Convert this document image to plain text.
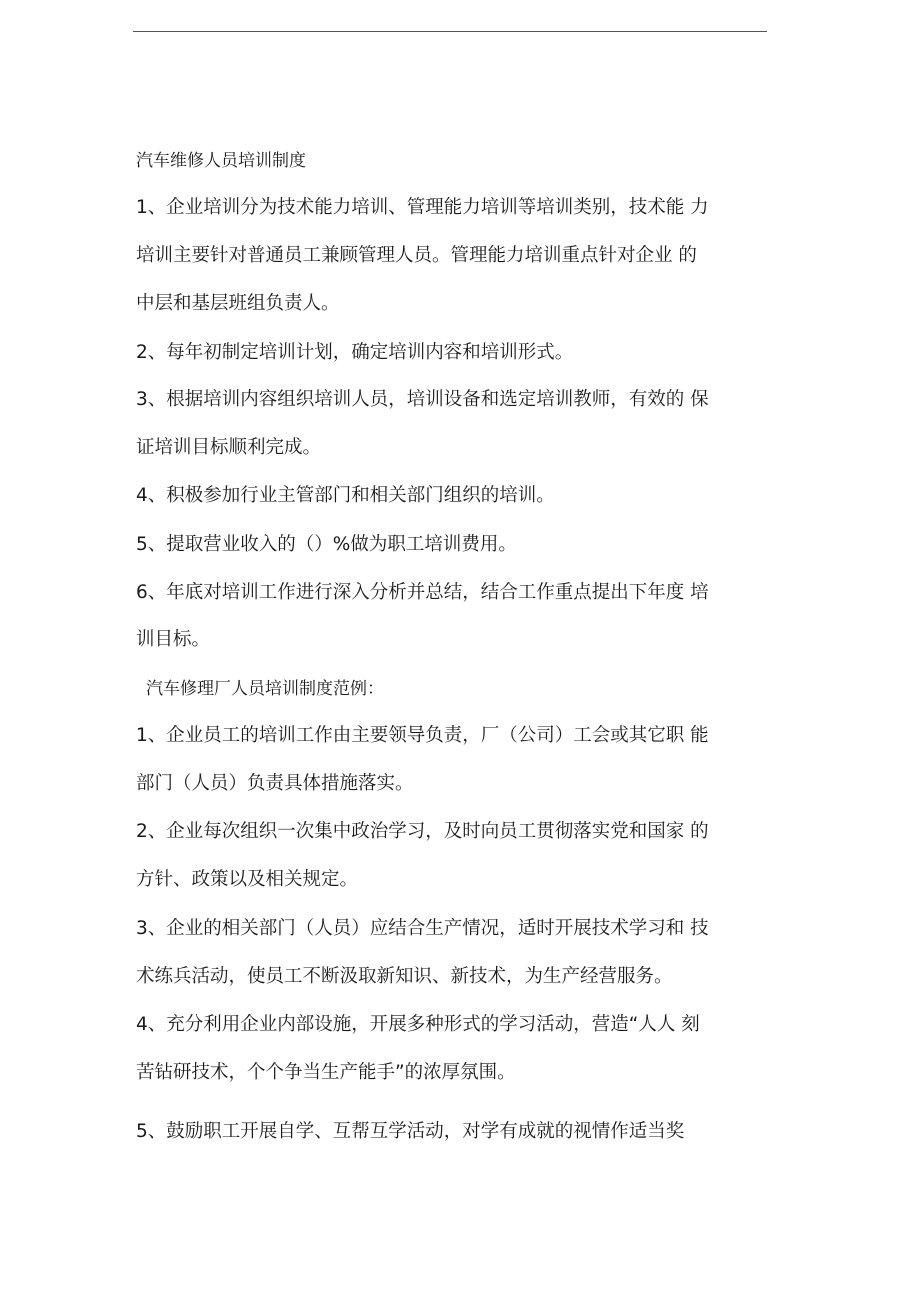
汽车维修人员培训制度

1、企业培训分为技术能力培训、管理能力培训等培训类别，技术能 力

培训主要针对普通员工兼顾管理人员。管理能力培训重点针对企业 的

中层和基层班组负责人。

2、每年初制定培训计划，确定培训内容和培训形式。

3、根据培训内容组织培训人员，培训设备和选定培训教师，有效的 保

证培训目标顺利完成。

4、积极参加行业主管部门和相关部门组织的培训。

5、提取营业收入的（）%做为职工培训费用。

6、年底对培训工作进行深入分析并总结，结合工作重点提出下年度 培

训目标。

汽车修理厂人员培训制度范例：

1、企业员工的培训工作由主要领导负责，厂（公司）工会或其它职 能

部门（人员）负责具体措施落实。

2、企业每次组织一次集中政治学习，及时向员工贯彻落实党和国家 的

方针、政策以及相关规定。

3、企业的相关部门（人员）应结合生产情况，适时开展技术学习和 技

术练兵活动，使员工不断汲取新知识、新技术，为生产经营服务。

4、充分利用企业内部设施，开展多种形式的学习活动，营造“人人 刻

苦钻研技术，个个争当生产能手”的浓厚氛围。

5、鼓励职工开展自学、互帮互学活动，对学有成就的视情作适当奖
